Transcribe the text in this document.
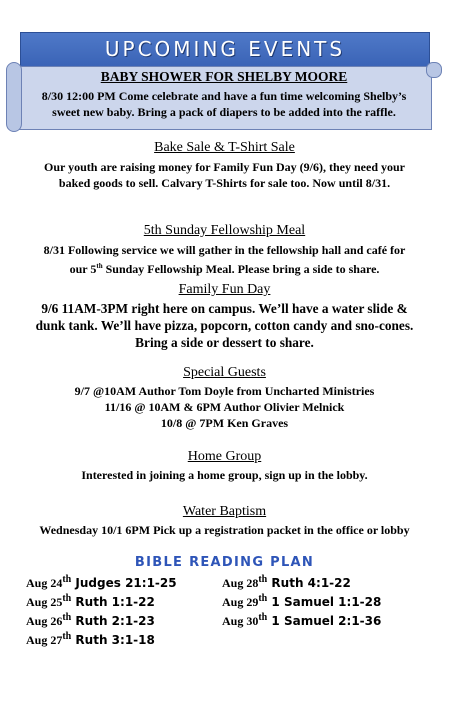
UPCOMING EVENTS
BABY SHOWER FOR SHELBY MOORE
8/30 12:00 PM Come celebrate and have a fun time welcoming Shelby’s
sweet new baby. Bring a pack of diapers to be added into the raffle.
Bake Sale & T-Shirt Sale
Our youth are raising money for Family Fun Day (9/6), they need your
baked goods to sell. Calvary T-Shirts for sale too. Now until 8/31.
5th Sunday Fellowship Meal
8/31 Following service we will gather in the fellowship hall and café for
our 5th Sunday Fellowship Meal. Please bring a side to share.
Family Fun Day
9/6 11AM-3PM right here on campus. We’ll have a water slide &
dunk tank. We’ll have pizza, popcorn, cotton candy and sno-cones.
Bring a side or dessert to share.
Special Guests
9/7 @10AM Author Tom Doyle from Uncharted Ministries
11/16 @ 10AM & 6PM Author Olivier Melnick
10/8 @ 7PM Ken Graves
Home Group
Interested in joining a home group, sign up in the lobby.
Water Baptism
Wednesday 10/1 6PM Pick up a registration packet in the office or lobby
BIBLE READING PLAN
Aug 24th Judges 21:1-25
Aug 25th Ruth 1:1-22
Aug 26th Ruth 2:1-23
Aug 27th Ruth 3:1-18
Aug 28th Ruth 4:1-22
Aug 29th 1 Samuel 1:1-28
Aug 30th 1 Samuel 2:1-36
